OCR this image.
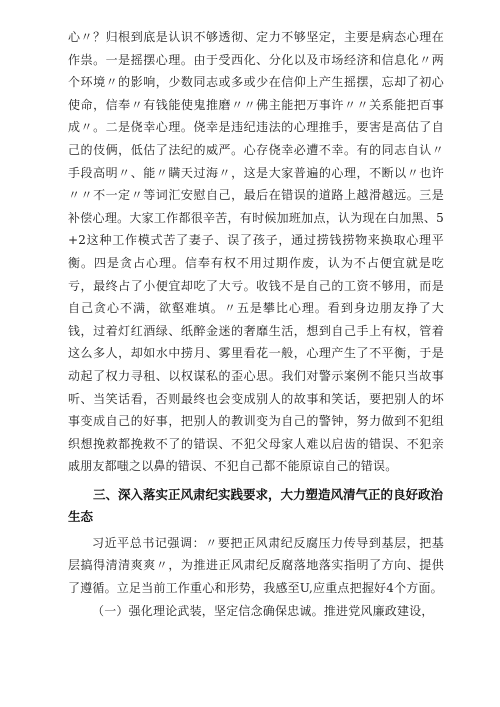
心〃？归根到底是认识不够透彻、定力不够坚定，主要是病态心理在作祟。一是摇摆心理。由于受西化、分化以及市场经济和信息化〃两个环境〃的影响，少数同志或多或少在信仰上产生摇摆，忘却了初心使命，信奉〃有钱能使鬼推磨〃〃佛主能把万事许〃〃关系能把百事成〃。二是侥幸心理。侥幸是违纪违法的心理推手，要害是高估了自己的伎俩，低估了法纪的威严。心存侥幸必遭不幸。有的同志自认〃手段高明〃、能〃瞒天过海〃，这是大家普遍的心理，不断以〃也许〃〃不一定〃等词汇安慰自己，最后在错误的道路上越滑越远。三是补偿心理。大家工作都很辛苦，有时候加班加点，认为现在白加黑、5+2这种工作模式苦了妻子、误了孩子，通过捞钱捞物来换取心理平衡。四是贪占心理。信奉有权不用过期作废，认为不占便宜就是吃亏，最终占了小便宜却吃了大亏。收钱不是自己的工资不够用，而是自己贪心不满，欲壑难填。〃五是攀比心理。看到身边朋友挣了大钱，过着灯红酒绿、纸醉金迷的奢靡生活，想到自己手上有权，管着这么多人，却如水中捞月、雾里看花一般，心理产生了不平衡，于是动起了权力寻租、以权谋私的歪心思。我们对警示案例不能只当故事听、当笑话看，否则最终也会变成别人的故事和笑话，要把别人的坏事变成自己的好事，把别人的教训变为自己的警钟，努力做到不犯组织想挽救都挽救不了的错误、不犯父母家人难以启齿的错误、不犯亲戚朋友都嗤之以鼻的错误、不犯自己都不能原谅自己的错误。

三、深入落实正风肃纪实践要求，大力塑造风清气正的良好政治生态

习近平总书记强调：〃要把正风肃纪反腐压力传导到基层，把基层搞得清清爽爽〃，为推进正风肃纪反腐落地落实指明了方向、提供了遵循。立足当前工作重心和形势，我感至U,应重点把握好4个方面。

（一）强化理论武装，坚定信念确保忠诚。推进党风廉政建设，
